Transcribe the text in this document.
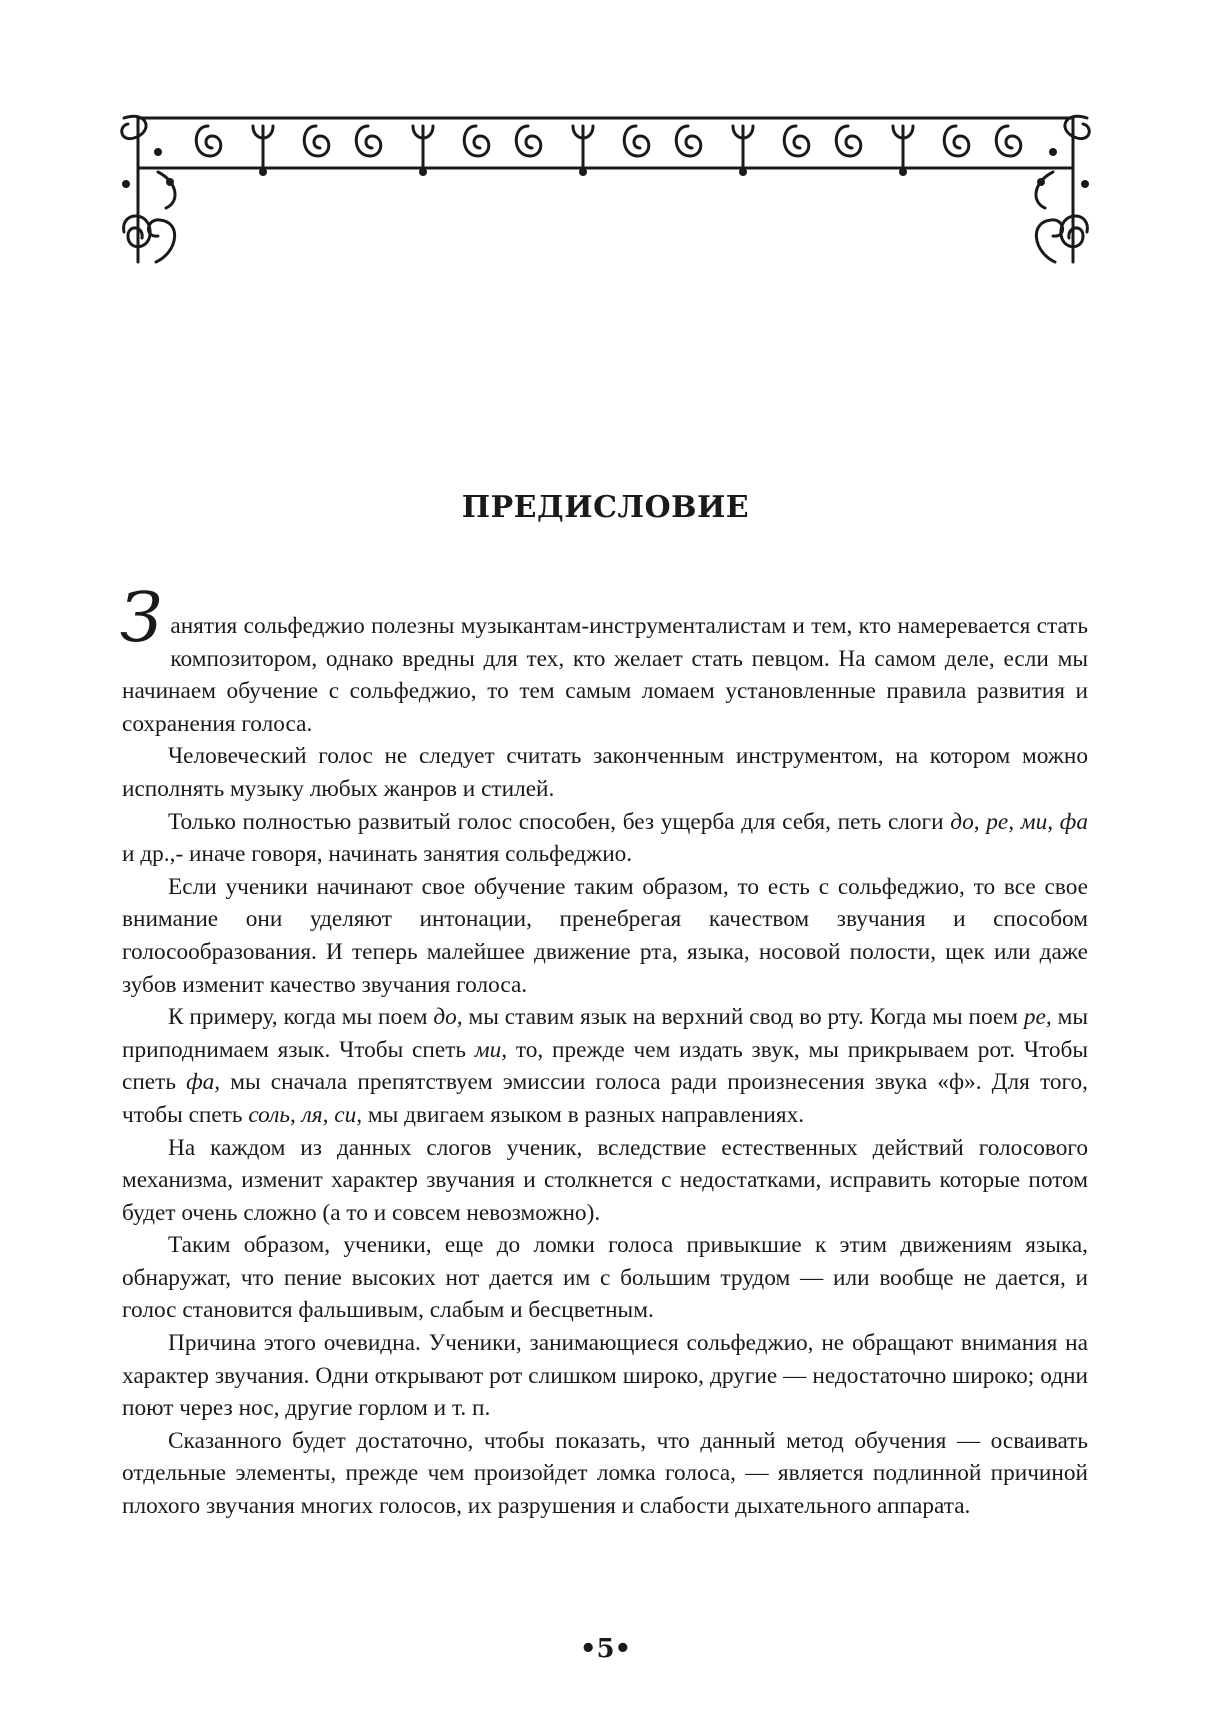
ПРЕДИСЛОВИЕ

Занятия сольфеджио полезны музыкантам-инструменталистам и тем, кто намеревается стать композитором, однако вредны для тех, кто желает стать певцом. На самом деле, если мы начинаем обучение с сольфеджио, то тем самым ломаем установленные правила развития и сохранения голоса.

Человеческий голос не следует считать законченным инструментом, на котором можно исполнять музыку любых жанров и стилей.

Только полностью развитый голос способен, без ущерба для себя, петь слоги до, ре, ми, фа и др.,- иначе говоря, начинать занятия сольфеджио.

Если ученики начинают свое обучение таким образом, то есть с сольфеджио, то все свое внимание они уделяют интонации, пренебрегая качеством звучания и способом голосообразования. И теперь малейшее движение рта, языка, носовой полости, щек или даже зубов изменит качество звучания голоса.

К примеру, когда мы поем до, мы ставим язык на верхний свод во рту. Когда мы поем ре, мы приподнимаем язык. Чтобы спеть ми, то, прежде чем издать звук, мы прикрываем рот. Чтобы спеть фа, мы сначала препятствуем эмиссии голоса ради произнесения звука «ф». Для того, чтобы спеть соль, ля, си, мы двигаем языком в разных направлениях.

На каждом из данных слогов ученик, вследствие естественных действий голосового механизма, изменит характер звучания и столкнется с недостатками, исправить которые потом будет очень сложно (а то и совсем невозможно).

Таким образом, ученики, еще до ломки голоса привыкшие к этим движениям языка, обнаружат, что пение высоких нот дается им с большим трудом — или вообще не дается, и голос становится фальшивым, слабым и бесцветным.

Причина этого очевидна. Ученики, занимающиеся сольфеджио, не обращают внимания на характер звучания. Одни открывают рот слишком широко, другие — недостаточно широко; одни поют через нос, другие горлом и т. п.

Сказанного будет достаточно, чтобы показать, что данный метод обучения — осваивать отдельные элементы, прежде чем произойдет ломка голоса, — является подлинной причиной плохого звучания многих голосов, их разрушения и слабости дыхательного аппарата.

•5•
